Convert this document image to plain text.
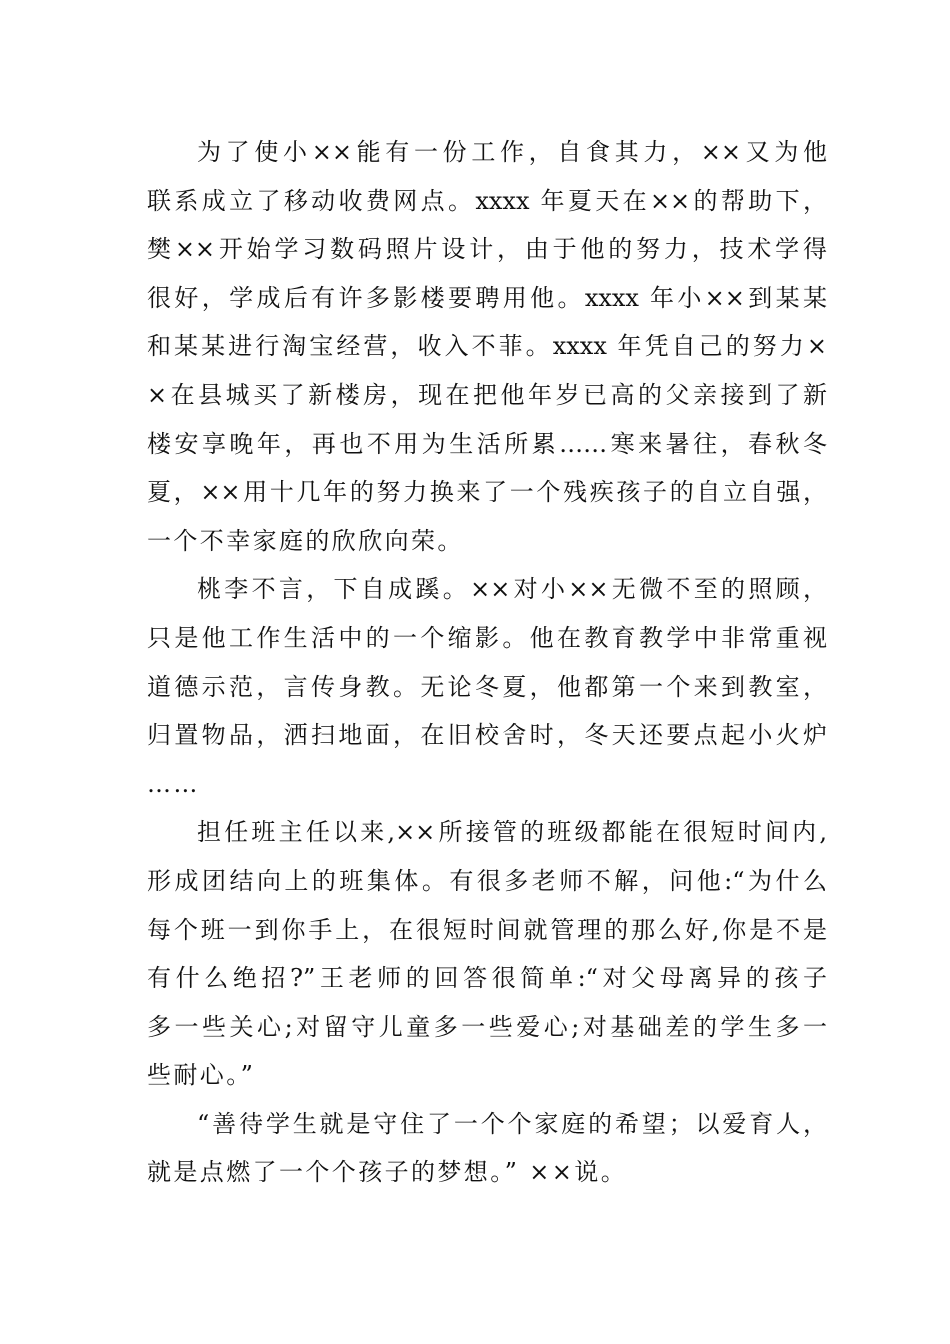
为了使小××能有一份工作，自食其力，××又为他
联系成立了移动收费网点。xxxx 年夏天在××的帮助下，
樊××开始学习数码照片设计，由于他的努力，技术学得
很好，学成后有许多影楼要聘用他。xxxx 年小××到某某
和某某进行淘宝经营，收入不菲。xxxx 年凭自己的努力×
×在县城买了新楼房，现在把他年岁已高的父亲接到了新
楼安享晚年，再也不用为生活所累……寒来暑往，春秋冬
夏，××用十几年的努力换来了一个残疾孩子的自立自强，
一个不幸家庭的欣欣向荣。
桃李不言，下自成蹊。××对小××无微不至的照顾，
只是他工作生活中的一个缩影。他在教育教学中非常重视
道德示范，言传身教。无论冬夏，他都第一个来到教室，
归置物品，洒扫地面，在旧校舍时，冬天还要点起小火炉
……
担任班主任以来,××所接管的班级都能在很短时间内,
形成团结向上的班集体。有很多老师不解，问他:“为什么
每个班一到你手上，在很短时间就管理的那么好,你是不是
有什么绝招?”王老师的回答很简单:“对父母离异的孩子
多一些关心;对留守儿童多一些爱心;对基础差的学生多一
些耐心。”
“善待学生就是守住了一个个家庭的希望；以爱育人，
就是点燃了一个个孩子的梦想。” ××说。
